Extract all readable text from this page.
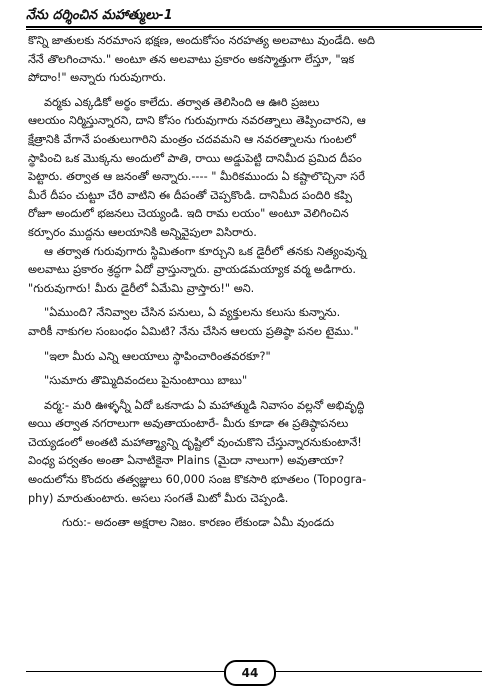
నేను దర్శించిన మహాత్ములు-1
కొన్ని జాతులకు నరమాంస భక్షణ, అందుకోసం నరహత్య అలవాటు వుండేది. అది
నేనే తొలగించాను." అంటూ తన అలవాటు ప్రకారం అకస్మాత్తుగా లేస్తూ, "ఇక
పోదాం!" అన్నారు గురువుగారు.
వర్మకు ఎక్కడికో అర్థం కాలేదు. తర్వాత తెలిసింది ఆ ఊరి ప్రజలు
ఆలయం నిర్మిస్తున్నారని, దాని కోసం గురువుగారు నవరత్నాలు తెప్పించారని, ఆ
క్షేత్రానికి వేగానే పంతులుగారిని మంత్రం చదవమని ఆ నవరత్నాలను గుంటలో
స్థాపించి ఒక మొక్కను అందులో పాతి, రాయి అడ్డుపెట్టి దానిమీద ప్రమిద దీపం
పెట్టారు. తర్వాత ఆ జనంతో అన్నారు.---- " మీరికముందు ఏ కష్టాలొచ్చినా సరే
మీరే దీపం చుట్టూ చేరి వాటిని ఈ దీపంతో చెప్పకొండి. దానిమీద పందిరి కప్పి
రోజూ అందులో భజనలు చెయ్యండి. ఇది రామ లయం" అంటూ వెలిగించిన
కర్పూరం ముద్దను ఆలయానికి అన్నివైపులా విసిరారు.
ఆ తర్వాత గురువుగారు స్థిమితంగా కూర్చుని ఒక డైరీలో తనకు నిత్యంవున్న
అలవాటు ప్రకారం శ్రద్ధగా ఏదో వ్రాస్తున్నారు. వ్రాయడమయ్యాక వర్మ అడిగారు.
"గురువుగారు! మీరు డైరీలో ఏమేమి వ్రాస్తారు!" అని.
"ఏముంది? నేనివ్వాల చేసిన పనులు, ఏ వ్యక్తులను కలుసు కున్నాను.
వారికీ నాకుగల సంబంధం ఏమిటి? నేను చేసిన ఆలయ ప్రతిష్ఠా పనల టైము."
"ఇలా మీరు ఎన్ని ఆలయాలు స్థాపించారింతవరకూ?"
"సుమారు తొమ్మిదివందలు పైనుంటాయి బాబు"
వర్మ:- మరి ఊళ్ళన్నీ ఏదో ఒకనాడు ఏ మహాత్ముడి నివాసం వల్లనో అభివృద్ధి
అయి తర్వాత నగరాలుగా అవుతాయంటారే- మీరు కూడా ఈ ప్రతిష్ఠాపనలు
చెయ్యడంలో అంతటి మహాత్మ్యాన్ని దృష్టిలో వుంచుకొని చేస్తున్నారనుకుంటానే!
వింధ్య పర్వతం అంతా ఏనాటికైనా Plains (మైదా నాలుగా) అవుతాయా?
అందులోను కొందరు తత్వజ్ఞులు 60,000 సంజ కొకసారి భూతలం (Topogra-
phy) మారుతుంటారు. అసలు సంగతే మిటో మీరు చెప్పండి.
గురు:- అదంతా అక్షరాల నిజం. కారణం లేకుండా ఏమీ వుండదు
44
